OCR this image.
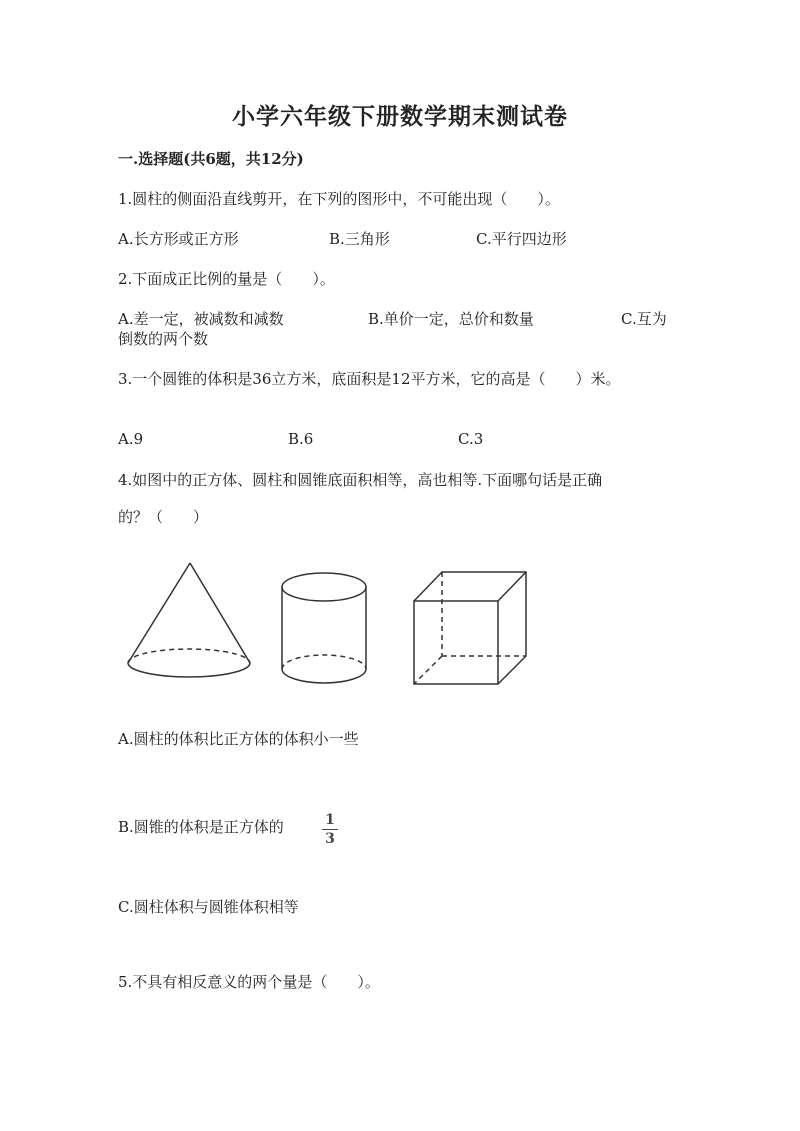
小学六年级下册数学期末测试卷
一.选择题(共6题，共12分)
1.圆柱的侧面沿直线剪开，在下列的图形中，不可能出现（　　）。
A.长方形或正方形	B.三角形	C.平行四边形
2.下面成正比例的量是（　　）。
A.差一定，被减数和减数	B.单价一定，总价和数量	C.互为
倒数的两个数
3.一个圆锥的体积是36立方米，底面积是12平方米，它的高是（　　）米。
A.9	B.6	C.3
4.如图中的正方体、圆柱和圆锥底面积相等，高也相等.下面哪句话是正确
的？（　　）
A.圆柱的体积比正方体的体积小一些
B.圆锥的体积是正方体的	1
3
C.圆柱体积与圆锥体积相等
5.不具有相反意义的两个量是（　　）。
